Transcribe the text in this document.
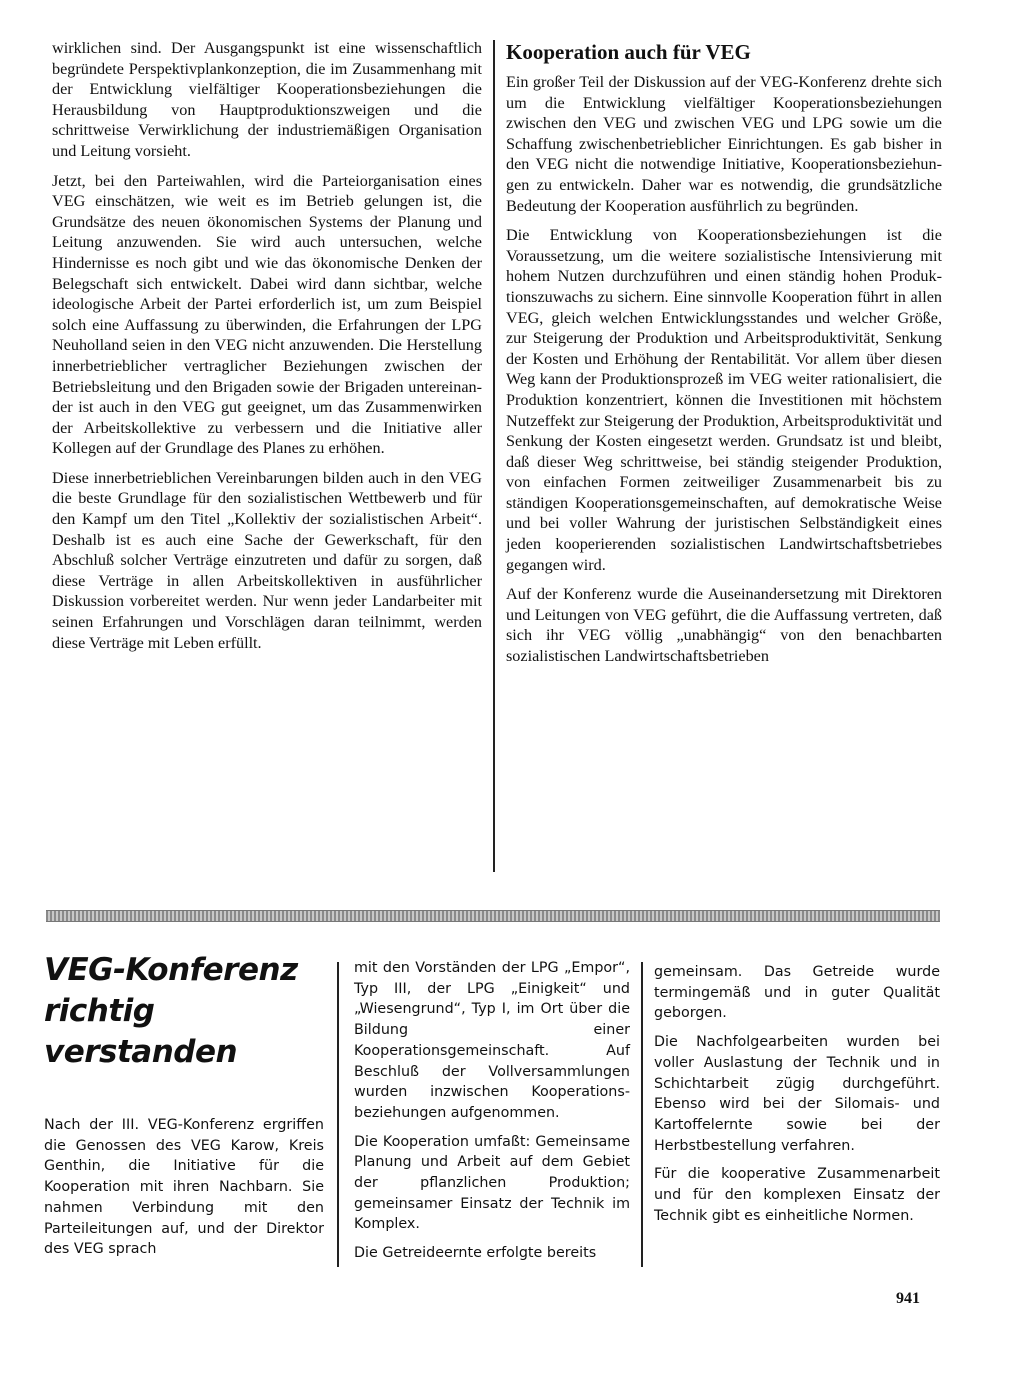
wirklichen sind. Der Ausgangspunkt ist eine wissenschaftlich begründete Perspektivplankonzeption, die im Zusammenhang mit der Entwicklung vielfältiger Kooperationsbeziehungen die Herausbildung von Hauptproduktionszweigen und die schrittweise Verwirklichung der industriemäßigen Organisation und Leitung vorsieht.

Jetzt, bei den Parteiwahlen, wird die Parteiorganisation eines VEG einschätzen, wie weit es im Betrieb gelungen ist, die Grundsätze des neuen ökonomischen Systems der Planung und Leitung anzuwenden. Sie wird auch untersuchen, welche Hindernisse es noch gibt und wie das ökonomische Denken der Belegschaft sich entwickelt. Dabei wird dann sichtbar, welche ideologische Arbeit der Partei erforderlich ist, um zum Beispiel solch eine Auffassung zu überwinden, die Erfahrungen der LPG Neuholland seien in den VEG nicht anzuwenden. Die Herstellung innerbetrieblicher vertraglicher Beziehungen zwischen der Betriebsleitung und den Brigaden sowie der Brigaden untereinander ist auch in den VEG gut geeignet, um das Zusammenwirken der Arbeitskollektive zu verbessern und die Initiative aller Kollegen auf der Grundlage des Planes zu erhöhen.

Diese innerbetrieblichen Vereinbarungen bilden auch in den VEG die beste Grundlage für den sozialistischen Wettbewerb und für den Kampf um den Titel „Kollektiv der sozialistischen Arbeit“. Deshalb ist es auch eine Sache der Gewerkschaft, für den Abschluß solcher Verträge einzutreten und dafür zu sorgen, daß diese Verträge in allen Arbeitskollektiven in ausführlicher Diskussion vorbereitet werden. Nur wenn jeder Landarbeiter mit seinen Erfahrungen und Vorschlägen daran teilnimmt, werden diese Verträge mit Leben erfüllt.

Kooperation auch für VEG

Ein großer Teil der Diskussion auf der VEG-Konferenz drehte sich um die Entwicklung vielfältiger Kooperationsbeziehungen zwischen den VEG und zwischen VEG und LPG sowie um die Schaffung zwischenbetrieblicher Einrichtungen. Es gab bisher in den VEG nicht die notwendige Initiative, Kooperationsbeziehungen zu entwickeln. Daher war es notwendig, die grundsätzliche Bedeutung der Kooperation ausführlich zu begründen.

Die Entwicklung von Kooperationsbeziehungen ist die Voraussetzung, um die weitere sozialistische Intensivierung mit hohem Nutzen durchzuführen und einen ständig hohen Produktionszuwachs zu sichern. Eine sinnvolle Kooperation führt in allen VEG, gleich welchen Entwicklungsstandes und welcher Größe, zur Steigerung der Produktion und Arbeitsproduktivität, Senkung der Kosten und Erhöhung der Rentabilität. Vor allem über diesen Weg kann der Produktionsprozeß im VEG weiter rationalisiert, die Produktion konzentriert, können die Investitionen mit höchstem Nutzeffekt zur Steigerung der Produktion, Arbeitsproduktivität und Senkung der Kosten eingesetzt werden. Grundsatz ist und bleibt, daß dieser Weg schrittweise, bei ständig steigender Produktion, von einfachen Formen zeitweiliger Zusammenarbeit bis zu ständigen Kooperationsgemeinschaften, auf demokratische Weise und bei voller Wahrung der juristischen Selbständigkeit eines jeden kooperierenden sozialistischen Landwirtschaftsbetriebes gegangen wird.

Auf der Konferenz wurde die Auseinandersetzung mit Direktoren und Leitungen von VEG geführt, die die Auffassung vertreten, daß sich ihr VEG völlig „unabhängig“ von den benachbarten sozialistischen Landwirtschaftsbetrieben

VEG-Konferenz richtig verstanden

Nach der III. VEG-Konferenz ergriffen die Genossen des VEG Karow, Kreis Genthin, die Initiative für die Kooperation mit ihren Nachbarn. Sie nahmen Verbindung mit den Parteileitungen auf, und der Direktor des VEG sprach

mit den Vorständen der LPG „Empor“, Typ III, der LPG „Einigkeit“ und „Wiesengrund“, Typ I, im Ort über die Bildung einer Kooperationsgemeinschaft. Auf Beschluß der Vollversammlungen wurden inzwischen Kooperationsbeziehungen aufgenommen.

Die Kooperation umfaßt: Gemeinsame Planung und Arbeit auf dem Gebiet der pflanzlichen Produktion; gemeinsamer Einsatz der Technik im Komplex.

Die Getreideernte erfolgte bereits

gemeinsam. Das Getreide wurde termingemäß und in guter Qualität geborgen.

Die Nachfolgearbeiten wurden bei voller Auslastung der Technik und in Schichtarbeit zügig durchgeführt. Ebenso wird bei der Silomais- und Kartoffelernte sowie bei der Herbstbestellung verfahren.

Für die kooperative Zusammenarbeit und für den komplexen Einsatz der Technik gibt es einheitliche Normen.

941
